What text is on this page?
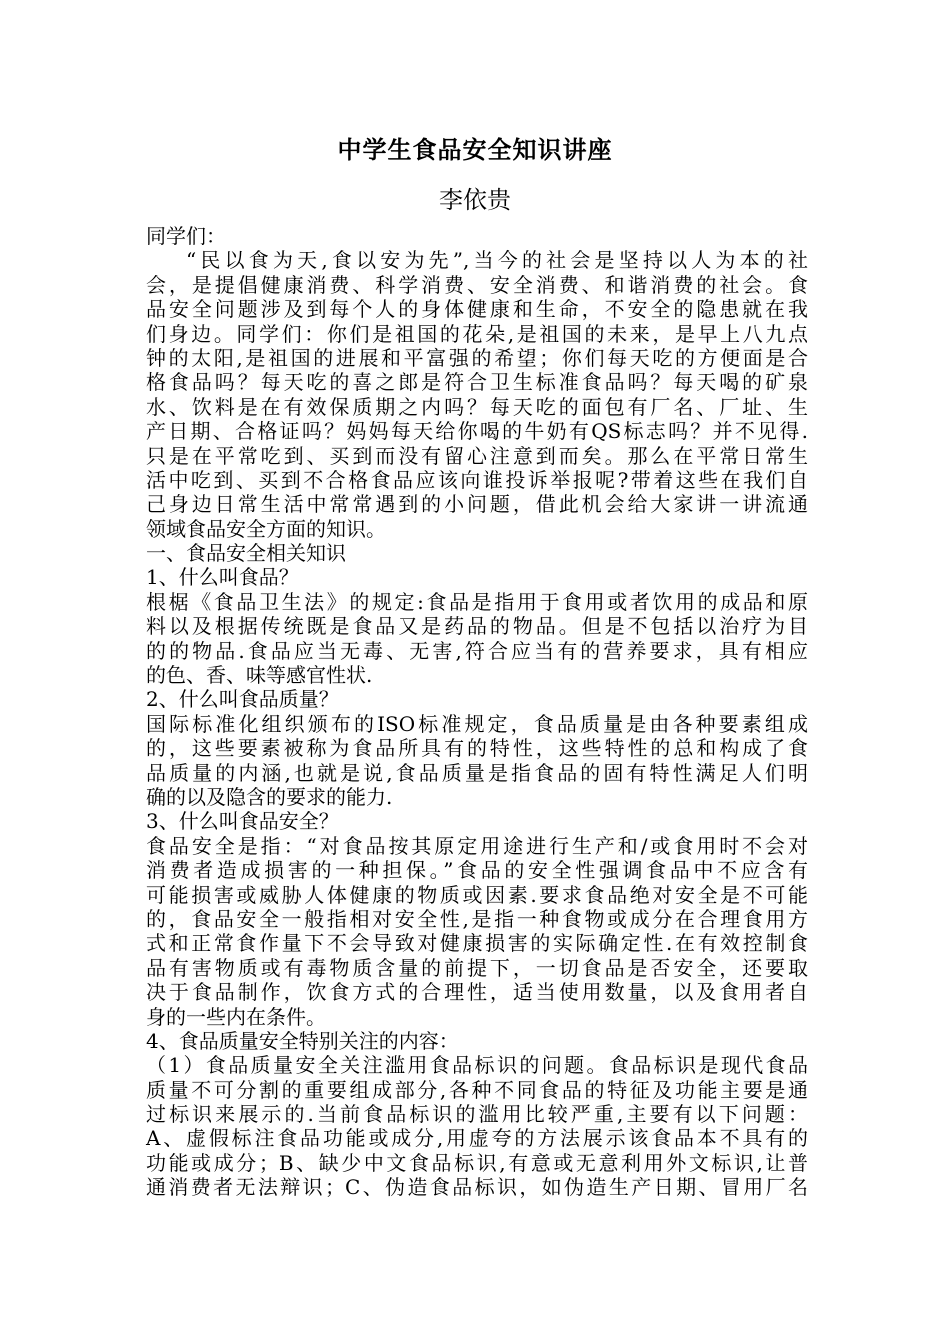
中学生食品安全知识讲座
李依贵
同学们：
“民以食为天,食以安为先”,当今的社会是坚持以人为本的社
会，是提倡健康消费、科学消费、安全消费、和谐消费的社会。食
品安全问题涉及到每个人的身体健康和生命，不安全的隐患就在我
们身边。同学们：你们是祖国的花朵,是祖国的未来，是早上八九点
钟的太阳,是祖国的进展和平富强的希望；你们每天吃的方便面是合
格食品吗？每天吃的喜之郎是符合卫生标准食品吗？每天喝的矿泉
水、饮料是在有效保质期之内吗？每天吃的面包有厂名、厂址、生
产日期、合格证吗？妈妈每天给你喝的牛奶有QS标志吗？并不见得.
只是在平常吃到、买到而没有留心注意到而矣。那么在平常日常生
活中吃到、买到不合格食品应该向谁投诉举报呢?带着这些在我们自
己身边日常生活中常常遇到的小问题，借此机会给大家讲一讲流通
领域食品安全方面的知识。
一、食品安全相关知识
1、什么叫食品？
根椐《食品卫生法》的规定:食品是指用于食用或者饮用的成品和原
料以及根据传统既是食品又是药品的物品。但是不包括以治疗为目
的的物品.食品应当无毒、无害,符合应当有的营养要求，具有相应
的色、香、味等感官性状.
2、什么叫食品质量？
国际标准化组织颁布的ISO标准规定，食品质量是由各种要素组成
的，这些要素被称为食品所具有的特性，这些特性的总和构成了食
品质量的内涵,也就是说,食品质量是指食品的固有特性满足人们明
确的以及隐含的要求的能力.
3、什么叫食品安全？
食品安全是指：“对食品按其原定用途进行生产和/或食用时不会对
消费者造成损害的一种担保。”食品的安全性强调食品中不应含有
可能损害或威胁人体健康的物质或因素.要求食品绝对安全是不可能
的，食品安全一般指相对安全性,是指一种食物或成分在合理食用方
式和正常食作量下不会导致对健康损害的实际确定性.在有效控制食
品有害物质或有毒物质含量的前提下，一切食品是否安全，还要取
决于食品制作，饮食方式的合理性，适当使用数量，以及食用者自
身的一些内在条件。
4、食品质量安全特别关注的内容：
（1）食品质量安全关注滥用食品标识的问题。食品标识是现代食品
质量不可分割的重要组成部分,各种不同食品的特征及功能主要是通
过标识来展示的.当前食品标识的滥用比较严重,主要有以下问题：
A、虚假标注食品功能或成分,用虚夸的方法展示该食品本不具有的
功能或成分；B、缺少中文食品标识,有意或无意利用外文标识,让普
通消费者无法辩识；C、伪造食品标识，如伪造生产日期、冒用厂名
